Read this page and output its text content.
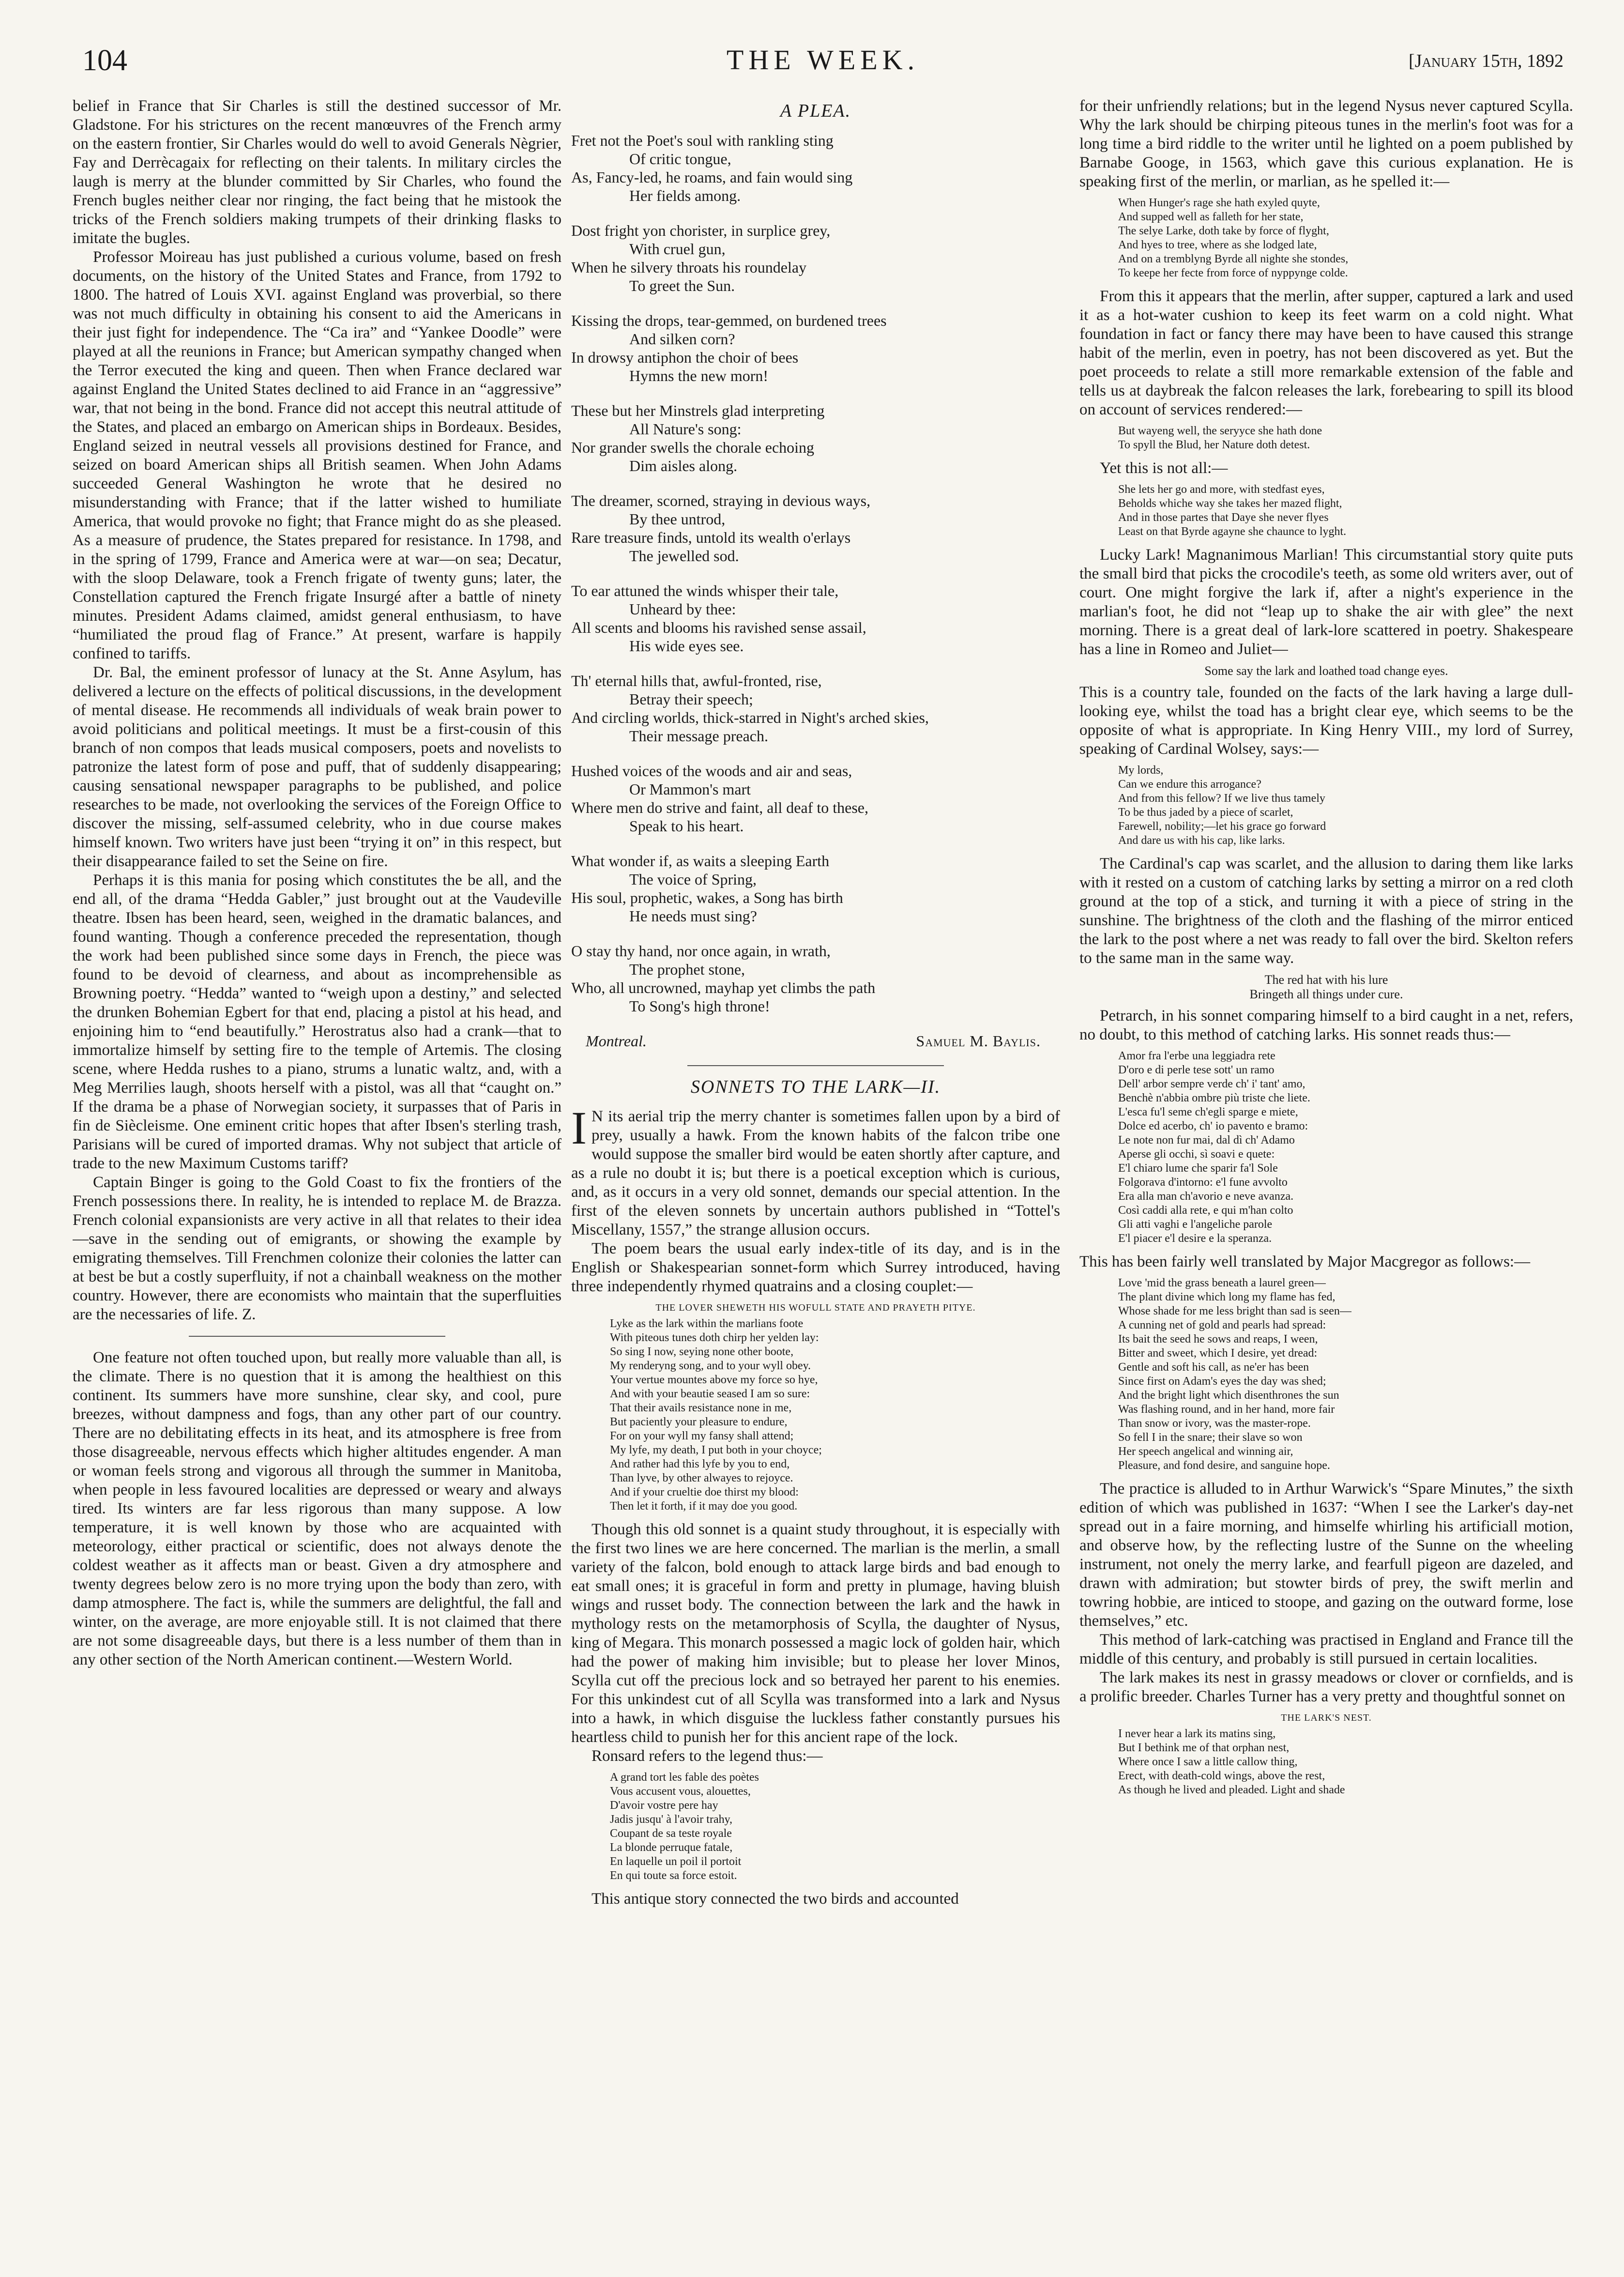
104	THE WEEK.	[January 15th, 1892

belief in France that Sir Charles is still the destined successor of Mr. Gladstone. For his strictures on the recent manœuvres of the French army on the eastern frontier, Sir Charles would do well to avoid Generals Nègrier, Fay and Derrècagaix for reflecting on their talents. In military circles the laugh is merry at the blunder committed by Sir Charles, who found the French bugles neither clear nor ringing, the fact being that he mistook the tricks of the French soldiers making trumpets of their drinking flasks to imitate the bugles.

Professor Moireau has just published a curious volume, based on fresh documents, on the history of the United States and France, from 1792 to 1800. The hatred of Louis XVI. against England was proverbial, so there was not much difficulty in obtaining his consent to aid the Americans in their just fight for independence. The “Ca ira” and “Yankee Doodle” were played at all the reunions in France; but American sympathy changed when the Terror executed the king and queen. Then when France declared war against England the United States declined to aid France in an “aggressive” war, that not being in the bond. France did not accept this neutral attitude of the States, and placed an embargo on American ships in Bordeaux. Besides, England seized in neutral vessels all provisions destined for France, and seized on board American ships all British seamen. When John Adams succeeded General Washington he wrote that he desired no misunderstanding with France; that if the latter wished to humiliate America, that would provoke no fight; that France might do as she pleased. As a measure of prudence, the States prepared for resistance. In 1798, and in the spring of 1799, France and America were at war—on sea; Decatur, with the sloop Delaware, took a French frigate of twenty guns; later, the Constellation captured the French frigate Insurgé after a battle of ninety minutes. President Adams claimed, amidst general enthusiasm, to have “humiliated the proud flag of France.” At present, warfare is happily confined to tariffs.

Dr. Bal, the eminent professor of lunacy at the St. Anne Asylum, has delivered a lecture on the effects of political discussions, in the development of mental disease. He recommends all individuals of weak brain power to avoid politicians and political meetings. It must be a first-cousin of this branch of non compos that leads musical composers, poets and novelists to patronize the latest form of pose and puff, that of suddenly disappearing; causing sensational newspaper paragraphs to be published, and police researches to be made, not overlooking the services of the Foreign Office to discover the missing, self-assumed celebrity, who in due course makes himself known. Two writers have just been “trying it on” in this respect, but their disappearance failed to set the Seine on fire.

Perhaps it is this mania for posing which constitutes the be all, and the end all, of the drama “Hedda Gabler,” just brought out at the Vaudeville theatre. Ibsen has been heard, seen, weighed in the dramatic balances, and found wanting. Though a conference preceded the representation, though the work had been published since some days in French, the piece was found to be devoid of clearness, and about as incomprehensible as Browning poetry. “Hedda” wanted to “weigh upon a destiny,” and selected the drunken Bohemian Egbert for that end, placing a pistol at his head, and enjoining him to “end beautifully.” Herostratus also had a crank—that to immortalize himself by setting fire to the temple of Artemis. The closing scene, where Hedda rushes to a piano, strums a lunatic waltz, and, with a Meg Merrilies laugh, shoots herself with a pistol, was all that “caught on.” If the drama be a phase of Norwegian society, it surpasses that of Paris in fin de Siècleisme. One eminent critic hopes that after Ibsen's sterling trash, Parisians will be cured of imported dramas. Why not subject that article of trade to the new Maximum Customs tariff?

Captain Binger is going to the Gold Coast to fix the frontiers of the French possessions there. In reality, he is intended to replace M. de Brazza. French colonial expansionists are very active in all that relates to their idea—save in the sending out of emigrants, or showing the example by emigrating themselves. Till Frenchmen colonize their colonies the latter can at best be but a costly superfluity, if not a chainball weakness on the mother country. However, there are economists who maintain that the superfluities are the necessaries of life. Z.

One feature not often touched upon, but really more valuable than all, is the climate. There is no question that it is among the healthiest on this continent. Its summers have more sunshine, clear sky, and cool, pure breezes, without dampness and fogs, than any other part of our country. There are no debilitating effects in its heat, and its atmosphere is free from those disagreeable, nervous effects which higher altitudes engender. A man or woman feels strong and vigorous all through the summer in Manitoba, when people in less favoured localities are depressed or weary and always tired. Its winters are far less rigorous than many suppose. A low temperature, it is well known by those who are acquainted with meteorology, either practical or scientific, does not always denote the coldest weather as it affects man or beast. Given a dry atmosphere and twenty degrees below zero is no more trying upon the body than zero, with damp atmosphere. The fact is, while the summers are delightful, the fall and winter, on the average, are more enjoyable still. It is not claimed that there are not some disagreeable days, but there is a less number of them than in any other section of the North American continent.—Western World.

A PLEA.
Fret not the Poet's soul with rankling sting
Of critic tongue,
As, Fancy-led, he roams, and fain would sing
Her fields among.
Dost fright yon chorister, in surplice grey,
With cruel gun,
When he silvery throats his roundelay
To greet the Sun.
Kissing the drops, tear-gemmed, on burdened trees
And silken corn?
In drowsy antiphon the choir of bees
Hymns the new morn!
These but her Minstrels glad interpreting
All Nature's song:
Nor grander swells the chorale echoing
Dim aisles along.
The dreamer, scorned, straying in devious ways,
By thee untrod,
Rare treasure finds, untold its wealth o'erlays
The jewelled sod.
To ear attuned the winds whisper their tale,
Unheard by thee:
All scents and blooms his ravished sense assail,
His wide eyes see.
Th' eternal hills that, awful-fronted, rise,
Betray their speech;
And circling worlds, thick-starred in Night's arched skies,
Their message preach.
Hushed voices of the woods and air and seas,
Or Mammon's mart
Where men do strive and faint, all deaf to these,
Speak to his heart.
What wonder if, as waits a sleeping Earth
The voice of Spring,
His soul, prophetic, wakes, a Song has birth
He needs must sing?
O stay thy hand, nor once again, in wrath,
The prophet stone,
Who, all uncrowned, mayhap yet climbs the path
To Song's high throne!
Montreal.	Samuel M. Baylis.
SONNETS TO THE LARK—II.

I N its aerial trip the merry chanter is sometimes fallen upon by a bird of prey, usually a hawk. From the known habits of the falcon tribe one would suppose the smaller bird would be eaten shortly after capture, and as a rule no doubt it is; but there is a poetical exception which is curious, and, as it occurs in a very old sonnet, demands our special attention. In the first of the eleven sonnets by uncertain authors published in “Tottel's Miscellany, 1557,” the strange allusion occurs.

The poem bears the usual early index-title of its day, and is in the English or Shakespearian sonnet-form which Surrey introduced, having three independently rhymed quatrains and a closing couplet:—

THE LOVER SHEWETH HIS WOFULL STATE AND PRAYETH PITYE.
Lyke as the lark within the marlians foote
With piteous tunes doth chirp her yelden lay:
So sing I now, seying none other boote,
My renderyng song, and to your wyll obey.
Your vertue mountes above my force so hye,
And with your beautie seased I am so sure:
That their avails resistance none in me,
But paciently your pleasure to endure,
For on your wyll my fansy shall attend;
My lyfe, my death, I put both in your choyce;
And rather had this lyfe by you to end,
Than lyve, by other alwayes to rejoyce.
And if your crueltie doe thirst my blood:
Then let it forth, if it may doe you good.

Though this old sonnet is a quaint study throughout, it is especially with the first two lines we are here concerned. The marlian is the merlin, a small variety of the falcon, bold enough to attack large birds and bad enough to eat small ones; it is graceful in form and pretty in plumage, having bluish wings and russet body. The connection between the lark and the hawk in mythology rests on the metamorphosis of Scylla, the daughter of Nysus, king of Megara. This monarch possessed a magic lock of golden hair, which had the power of making him invisible; but to please her lover Minos, Scylla cut off the precious lock and so betrayed her parent to his enemies. For this unkindest cut of all Scylla was transformed into a lark and Nysus into a hawk, in which disguise the luckless father constantly pursues his heartless child to punish her for this ancient rape of the lock.

Ronsard refers to the legend thus:—

A grand tort les fable des poètes
Vous accusent vous, alouettes,
D'avoir vostre pere hay
Jadis jusqu' à l'avoir trahy,
Coupant de sa teste royale
La blonde perruque fatale,
En laquelle un poil il portoit
En qui toute sa force estoit.

This antique story connected the two birds and accounted

for their unfriendly relations; but in the legend Nysus never captured Scylla. Why the lark should be chirping piteous tunes in the merlin's foot was for a long time a bird riddle to the writer until he lighted on a poem published by Barnabe Googe, in 1563, which gave this curious explanation. He is speaking first of the merlin, or marlian, as he spelled it:—

When Hunger's rage she hath exyled quyte,
And supped well as falleth for her state,
The selye Larke, doth take by force of flyght,
And hyes to tree, where as she lodged late,
And on a tremblyng Byrde all nighte she stondes,
To keepe her fecte from force of nyppynge colde.

From this it appears that the merlin, after supper, captured a lark and used it as a hot-water cushion to keep its feet warm on a cold night. What foundation in fact or fancy there may have been to have caused this strange habit of the merlin, even in poetry, has not been discovered as yet. But the poet proceeds to relate a still more remarkable extension of the fable and tells us at daybreak the falcon releases the lark, forebearing to spill its blood on account of services rendered:—

But wayeng well, the seryyce she hath done
To spyll the Blud, her Nature doth detest.

Yet this is not all:—

She lets her go and more, with stedfast eyes,
Beholds whiche way she takes her mazed flight,
And in those partes that Daye she never flyes
Least on that Byrde agayne she chaunce to lyght.

Lucky Lark! Magnanimous Marlian! This circumstantial story quite puts the small bird that picks the crocodile's teeth, as some old writers aver, out of court. One might forgive the lark if, after a night's experience in the marlian's foot, he did not “leap up to shake the air with glee” the next morning. There is a great deal of lark-lore scattered in poetry. Shakespeare has a line in Romeo and Juliet—

Some say the lark and loathed toad change eyes.

This is a country tale, founded on the facts of the lark having a large dull-looking eye, whilst the toad has a bright clear eye, which seems to be the opposite of what is appropriate. In King Henry VIII., my lord of Surrey, speaking of Cardinal Wolsey, says:—

My lords,
Can we endure this arrogance?
And from this fellow? If we live thus tamely
To be thus jaded by a piece of scarlet,
Farewell, nobility;—let his grace go forward
And dare us with his cap, like larks.

The Cardinal's cap was scarlet, and the allusion to daring them like larks with it rested on a custom of catching larks by setting a mirror on a red cloth ground at the top of a stick, and turning it with a piece of string in the sunshine. The brightness of the cloth and the flashing of the mirror enticed the lark to the post where a net was ready to fall over the bird. Skelton refers to the same man in the same way.

The red hat with his lure
Bringeth all things under cure.

Petrarch, in his sonnet comparing himself to a bird caught in a net, refers, no doubt, to this method of catching larks. His sonnet reads thus:—

Amor fra l'erbe una leggiadra rete
D'oro e di perle tese sott' un ramo
Dell' arbor sempre verde ch' i' tant' amo,
Benchè n'abbia ombre più triste che liete.
L'esca fu'l seme ch'egli sparge e miete,
Dolce ed acerbo, ch' io pavento e bramo:
Le note non fur mai, dal dì ch' Adamo
Aperse gli occhi, sì soavi e quete:
E'l chiaro lume che sparir fa'l Sole
Folgorava d'intorno: e'l fune avvolto
Era alla man ch'avorio e neve avanza.
Così caddi alla rete, e qui m'han colto
Gli atti vaghi e l'angeliche parole
E'l piacer e'l desire e la speranza.

This has been fairly well translated by Major Macgregor as follows:—

Love 'mid the grass beneath a laurel green—
The plant divine which long my flame has fed,
Whose shade for me less bright than sad is seen—
A cunning net of gold and pearls had spread:
Its bait the seed he sows and reaps, I ween,
Bitter and sweet, which I desire, yet dread:
Gentle and soft his call, as ne'er has been
Since first on Adam's eyes the day was shed;
And the bright light which disenthrones the sun
Was flashing round, and in her hand, more fair
Than snow or ivory, was the master-rope.
So fell I in the snare; their slave so won
Her speech angelical and winning air,
Pleasure, and fond desire, and sanguine hope.

The practice is alluded to in Arthur Warwick's “Spare Minutes,” the sixth edition of which was published in 1637: “When I see the Larker's day-net spread out in a faire morning, and himselfe whirling his artificiall motion, and observe how, by the reflecting lustre of the Sunne on the wheeling instrument, not onely the merry larke, and fearfull pigeon are dazeled, and drawn with admiration; but stowter birds of prey, the swift merlin and towring hobbie, are inticed to stoope, and gazing on the outward forme, lose themselves,” etc.

This method of lark-catching was practised in England and France till the middle of this century, and probably is still pursued in certain localities.

The lark makes its nest in grassy meadows or clover or cornfields, and is a prolific breeder. Charles Turner has a very pretty and thoughtful sonnet on

THE LARK'S NEST.
I never hear a lark its matins sing,
But I bethink me of that orphan nest,
Where once I saw a little callow thing,
Erect, with death-cold wings, above the rest,
As though he lived and pleaded. Light and shade
